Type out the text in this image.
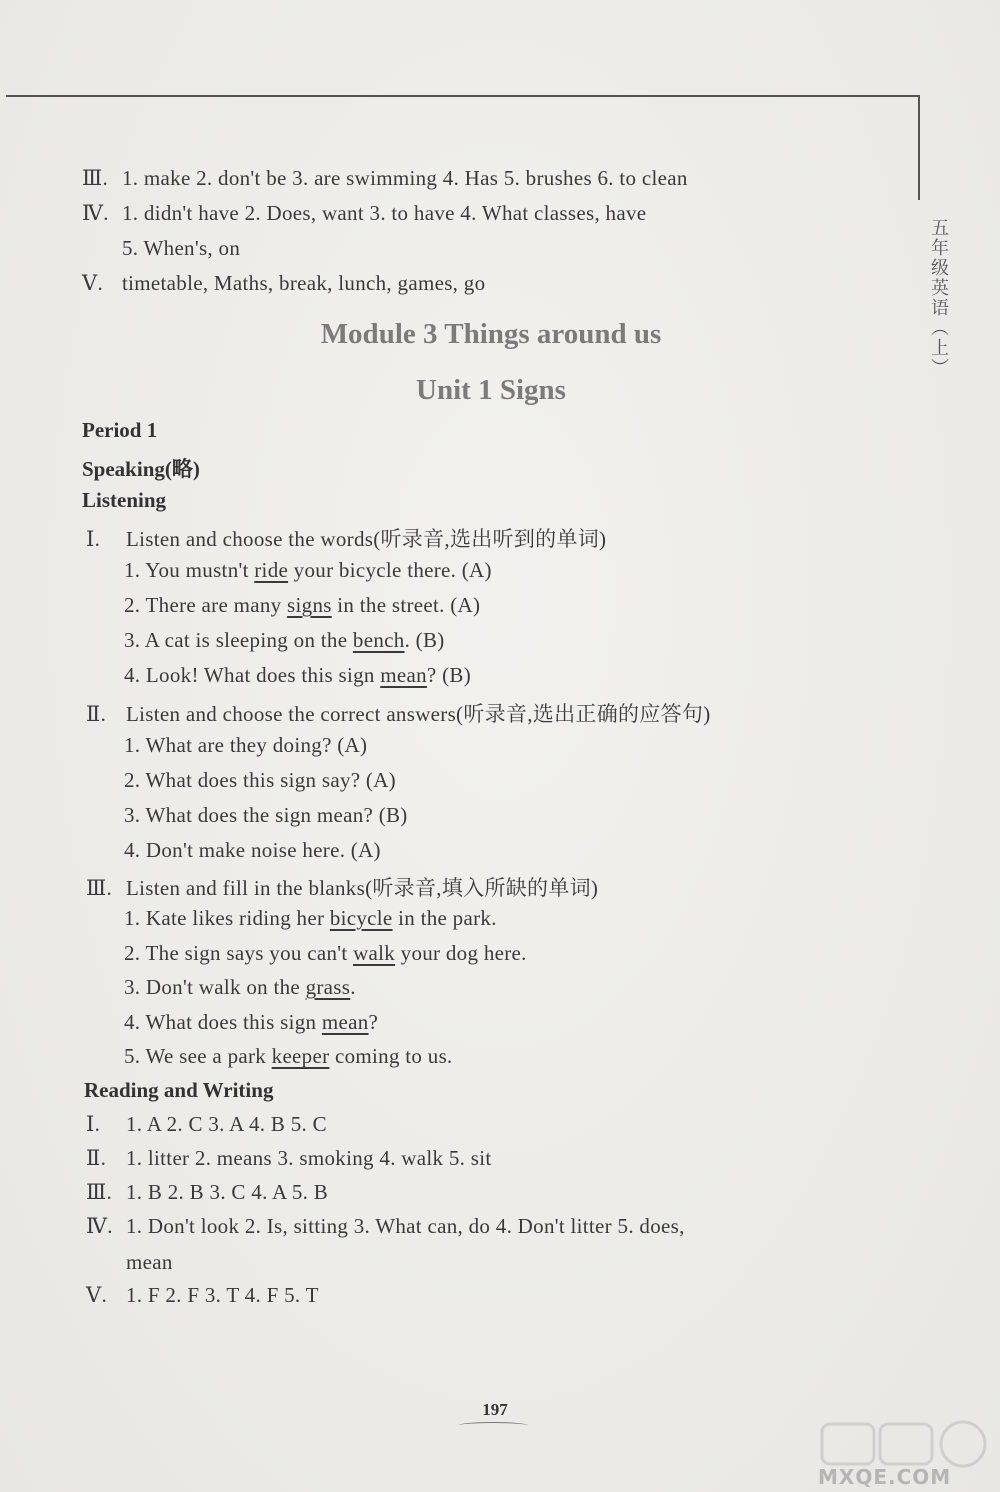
五年级英语（上）
Ⅲ. 1. make 2. don't be 3. are swimming 4. Has 5. brushes 6. to clean
Ⅳ. 1. didn't have 2. Does, want 3. to have 4. What classes, have
5. When's, on
Ⅴ. timetable, Maths, break, lunch, games, go
Module 3 Things around us
Unit 1 Signs
Period 1
Speaking(略)
Listening
Ⅰ. Listen and choose the words(听录音,选出听到的单词)
1. You mustn't ride your bicycle there. (A)
2. There are many signs in the street. (A)
3. A cat is sleeping on the bench. (B)
4. Look! What does this sign mean? (B)
Ⅱ. Listen and choose the correct answers(听录音,选出正确的应答句)
1. What are they doing? (A)
2. What does this sign say? (A)
3. What does the sign mean? (B)
4. Don't make noise here. (A)
Ⅲ. Listen and fill in the blanks(听录音,填入所缺的单词)
1. Kate likes riding her bicycle in the park.
2. The sign says you can't walk your dog here.
3. Don't walk on the grass.
4. What does this sign mean?
5. We see a park keeper coming to us.
Reading and Writing
Ⅰ. 1. A 2. C 3. A 4. B 5. C
Ⅱ. 1. litter 2. means 3. smoking 4. walk 5. sit
Ⅲ. 1. B 2. B 3. C 4. A 5. B
Ⅳ. 1. Don't look 2. Is, sitting 3. What can, do 4. Don't litter 5. does,
mean
Ⅴ. 1. F 2. F 3. T 4. F 5. T
197
MXQE.COM
